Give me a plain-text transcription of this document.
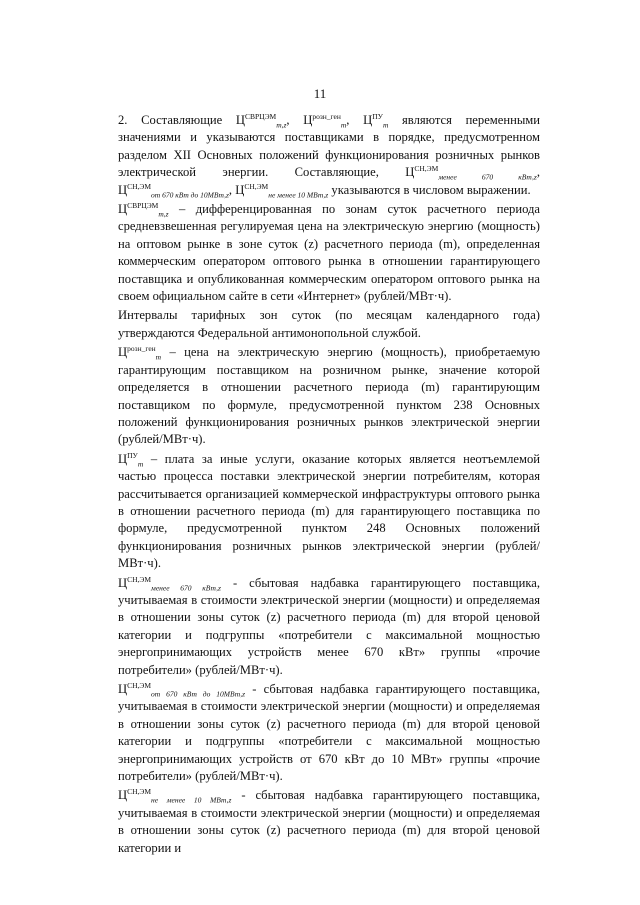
11

2. Составляющие $Ц^{СВРЦЭМ}_{m,z}$, $Ц^{розн\_ген}_m$, $Ц^{ПУ}_m$ являются переменными значениями и указываются поставщиками в порядке, предусмотренном разделом XII Основных положений функционирования розничных рынков электрической энергии. Составляющие, $Ц^{СН,ЭМ}_{менее 670 кВт,z}$, $Ц^{СН,ЭМ}_{от 670 кВт до 10МВт,z}$, $Ц^{СН,ЭМ}_{не менее 10 МВт,z}$ указываются в числовом выражении.

$Ц^{СВРЦЭМ}_{m,z}$ – дифференцированная по зонам суток расчетного периода средневзвешенная регулируемая цена на электрическую энергию (мощность) на оптовом рынке в зоне суток (z) расчетного периода (m), определенная коммерческим оператором оптового рынка в отношении гарантирующего поставщика и опубликованная коммерческим оператором оптового рынка на своем официальном сайте в сети «Интернет» (рублей/МВт·ч).

Интервалы тарифных зон суток (по месяцам календарного года) утверждаются Федеральной антимонопольной службой.

$Ц^{розн\_ген}_m$ – цена на электрическую энергию (мощность), приобретаемую гарантирующим поставщиком на розничном рынке, значение которой определяется в отношении расчетного периода (m) гарантирующим поставщиком по формуле, предусмотренной пунктом 238 Основных положений функционирования розничных рынков электрической энергии (рублей/МВт·ч).

$Ц^{ПУ}_m$ – плата за иные услуги, оказание которых является неотъемлемой частью процесса поставки электрической энергии потребителям, которая рассчитывается организацией коммерческой инфраструктуры оптового рынка в отношении расчетного периода (m) для гарантирующего поставщика по формуле, предусмотренной пунктом 248 Основных положений функционирования розничных рынков электрической энергии (рублей/МВт·ч).

$Ц^{СН,ЭМ}_{менее 670 кВт,z}$ - сбытовая надбавка гарантирующего поставщика, учитываемая в стоимости электрической энергии (мощности) и определяемая в отношении зоны суток (z) расчетного периода (m) для второй ценовой категории и подгруппы «потребители с максимальной мощностью энергопринимающих устройств менее 670 кВт» группы «прочие потребители» (рублей/МВт·ч).

$Ц^{СН,ЭМ}_{от 670 кВт до 10МВт,z}$ - сбытовая надбавка гарантирующего поставщика, учитываемая в стоимости электрической энергии (мощности) и определяемая в отношении зоны суток (z) расчетного периода (m) для второй ценовой категории и подгруппы «потребители с максимальной мощностью энергопринимающих устройств от 670 кВт до 10 МВт» группы «прочие потребители» (рублей/МВт·ч).

$Ц^{СН,ЭМ}_{не менее 10 МВт,z}$ - сбытовая надбавка гарантирующего поставщика, учитываемая в стоимости электрической энергии (мощности) и определяемая в отношении зоны суток (z) расчетного периода (m) для второй ценовой категории и
